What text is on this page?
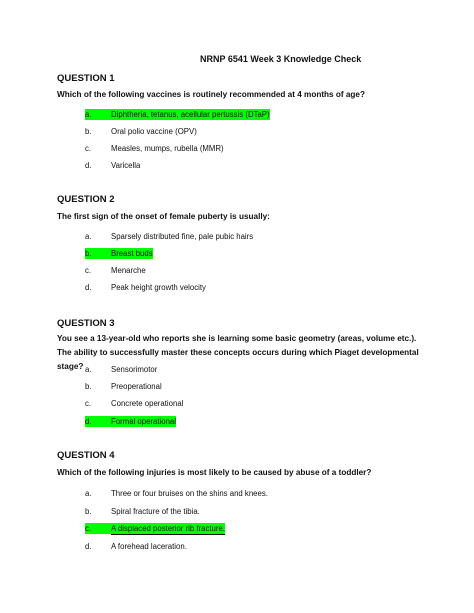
NRNP 6541 Week 3 Knowledge Check
QUESTION 1
Which of the following vaccines is routinely recommended at 4 months of age?
a. Diphtheria, tetanus, acellular pertussis (DTaP)
b. Oral polio vaccine (OPV)
c.	Measles, mumps, rubella (MMR)
d. Varicella
QUESTION 2
The first sign of the onset of female puberty is usually:
a. Sparsely distributed fine, pale pubic hairs
b. Breast buds
c.	Menarche
d. Peak height growth velocity
QUESTION 3
You see a 13-year-old who reports she is learning some basic geometry (areas, volume etc.). The ability to successfully master these concepts occurs during which Piaget developmental stage? a. Sensorimotor
b. Preoperational
c.	Concrete operational
d. Formal operational
QUESTION 4
Which of the following injuries is most likely to be caused by abuse of a toddler?
a. Three or four bruises on the shins and knees.
b. Spiral fracture of the tibia.
c.	A displaced posterior rib fracture.
d. A forehead laceration.
